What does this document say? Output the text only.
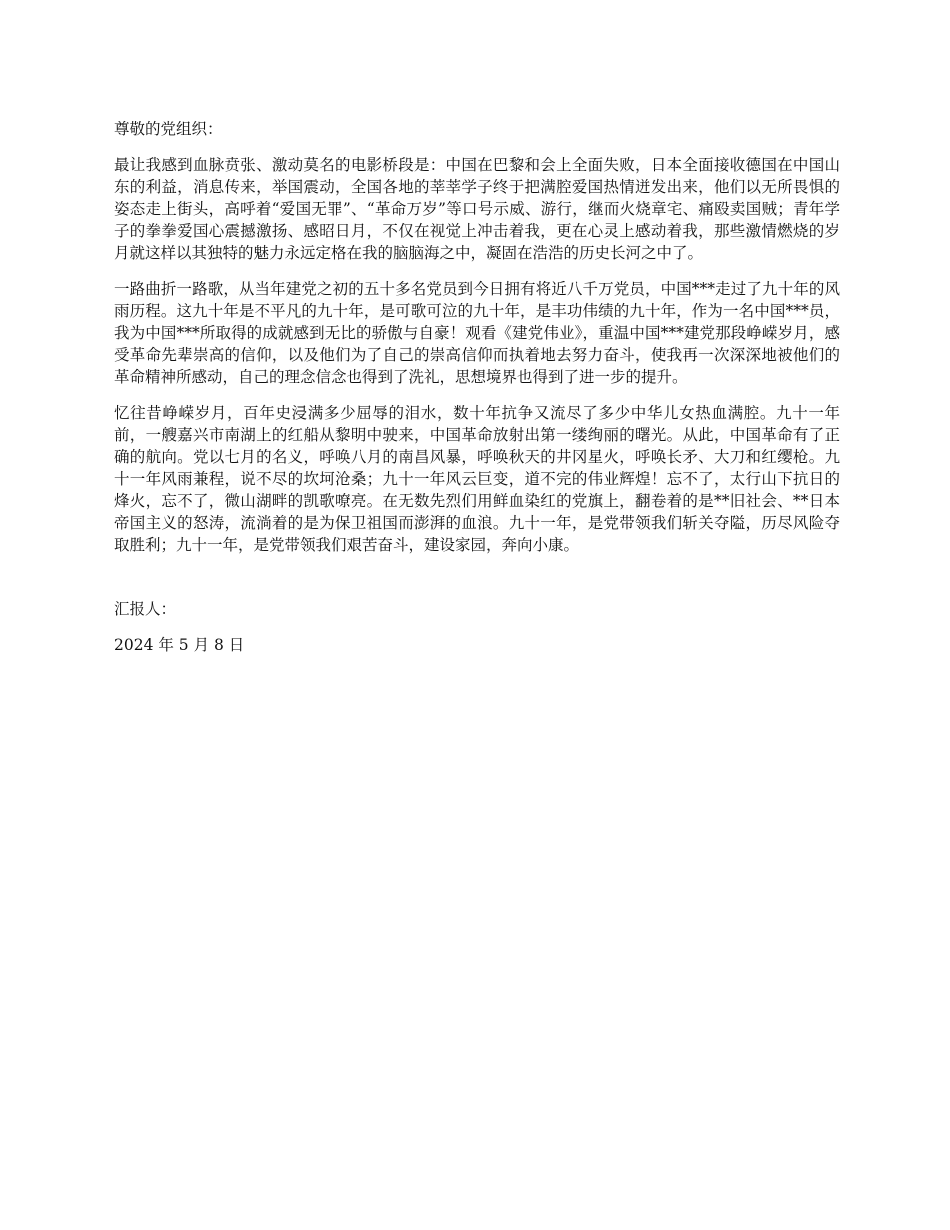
尊敬的党组织：

最让我感到血脉贲张、激动莫名的电影桥段是：中国在巴黎和会上全面失败，日本全面接收德国在中国山东的利益，消息传来，举国震动，全国各地的莘莘学子终于把满腔爱国热情迸发出来，他们以无所畏惧的姿态走上街头，高呼着“爱国无罪”、“革命万岁”等口号示威、游行，继而火烧章宅、痛殴卖国贼；青年学子的拳拳爱国心震撼激扬、感昭日月，不仅在视觉上冲击着我，更在心灵上感动着我，那些激情燃烧的岁月就这样以其独特的魅力永远定格在我的脑脑海之中，凝固在浩浩的历史长河之中了。

一路曲折一路歌，从当年建党之初的五十多名党员到今日拥有将近八千万党员，中国***走过了九十年的风雨历程。这九十年是不平凡的九十年，是可歌可泣的九十年，是丰功伟绩的九十年，作为一名中国***员，我为中国***所取得的成就感到无比的骄傲与自豪！观看《建党伟业》，重温中国***建党那段峥嵘岁月，感受革命先辈崇高的信仰，以及他们为了自己的崇高信仰而执着地去努力奋斗，使我再一次深深地被他们的革命精神所感动，自己的理念信念也得到了洗礼，思想境界也得到了进一步的提升。

忆往昔峥嵘岁月，百年史浸满多少屈辱的泪水，数十年抗争又流尽了多少中华儿女热血满腔。九十一年前，一艘嘉兴市南湖上的红船从黎明中驶来，中国革命放射出第一缕绚丽的曙光。从此，中国革命有了正确的航向。党以七月的名义，呼唤八月的南昌风暴，呼唤秋天的井冈星火，呼唤长矛、大刀和红缨枪。九十一年风雨兼程，说不尽的坎坷沧桑；九十一年风云巨变，道不完的伟业辉煌！忘不了，太行山下抗日的烽火，忘不了，微山湖畔的凯歌嘹亮。在无数先烈们用鲜血染红的党旗上，翻卷着的是**旧社会、**日本帝国主义的怒涛，流淌着的是为保卫祖国而澎湃的血浪。九十一年，是党带领我们斩关夺隘，历尽风险夺取胜利；九十一年，是党带领我们艰苦奋斗，建设家园，奔向小康。

汇报人：

2024 年 5 月 8 日
